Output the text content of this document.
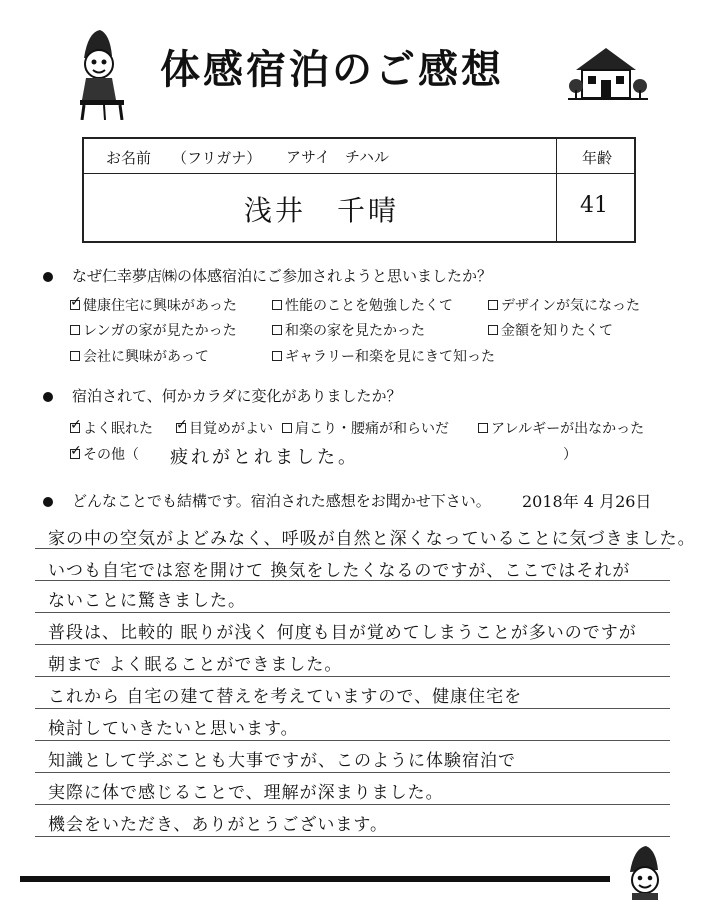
体感宿泊のご感想
お名前 （フリガナ） アサイ　チハル
浅井　千晴
年齢
41
なぜ仁幸夢店㈱の体感宿泊にご参加されようと思いましたか？
✓
健康住宅に興味があった	性能のことを勉強したくて	デザインが気になった
レンガの家が見たかった	和楽の家を見たかった	金額を知りたくて
会社に興味があって	ギャラリー和楽を見にきて知った
宿泊されて、何かカラダに変化がありましたか？
✓
よく眠れた
✓	目覚めがよい 肩こり・腰痛が和らいだ	アレルギーが出なかった
✓
その他（ 疲れがとれました。	）
どんなことでも結構です。宿泊された感想をお聞かせ下さい。 2018年 4 月26日
家の中の空気がよどみなく、呼吸が自然と深くなっていることに気づきました。
いつも自宅では窓を開けて 換気をしたくなるのですが、ここではそれが
ないことに驚きました。
普段は、比較的 眠りが浅く 何度も目が覚めてしまうことが多いのですが
朝まで よく眠ることができました。
これから 自宅の建て替えを考えていますので、健康住宅を
検討していきたいと思います。
知識として学ぶことも大事ですが、このように体験宿泊で
実際に体で感じることで、理解が深まりました。
機会をいただき、ありがとうございます。
